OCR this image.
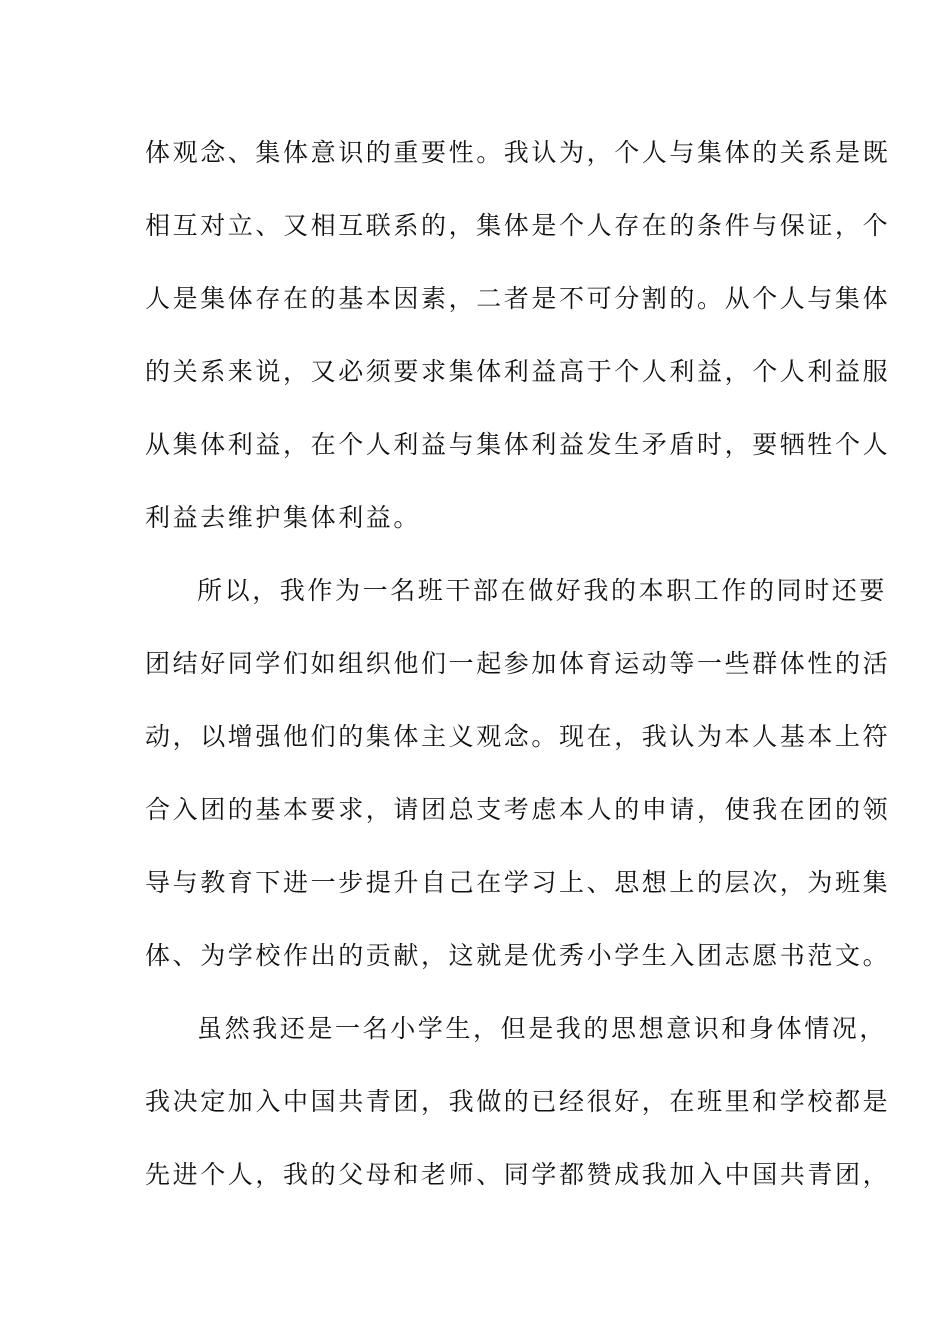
体观念、集体意识的重要性。我认为，个人与集体的关系是既
相互对立、又相互联系的，集体是个人存在的条件与保证，个
人是集体存在的基本因素，二者是不可分割的。从个人与集体
的关系来说，又必须要求集体利益高于个人利益，个人利益服
从集体利益，在个人利益与集体利益发生矛盾时，要牺牲个人
利益去维护集体利益。
所以，我作为一名班干部在做好我的本职工作的同时还要
团结好同学们如组织他们一起参加体育运动等一些群体性的活
动，以增强他们的集体主义观念。现在，我认为本人基本上符
合入团的基本要求，请团总支考虑本人的申请，使我在团的领
导与教育下进一步提升自己在学习上、思想上的层次，为班集
体、为学校作出的贡献，这就是优秀小学生入团志愿书范文。
虽然我还是一名小学生，但是我的思想意识和身体情况，
我决定加入中国共青团，我做的已经很好，在班里和学校都是
先进个人，我的父母和老师、同学都赞成我加入中国共青团，
